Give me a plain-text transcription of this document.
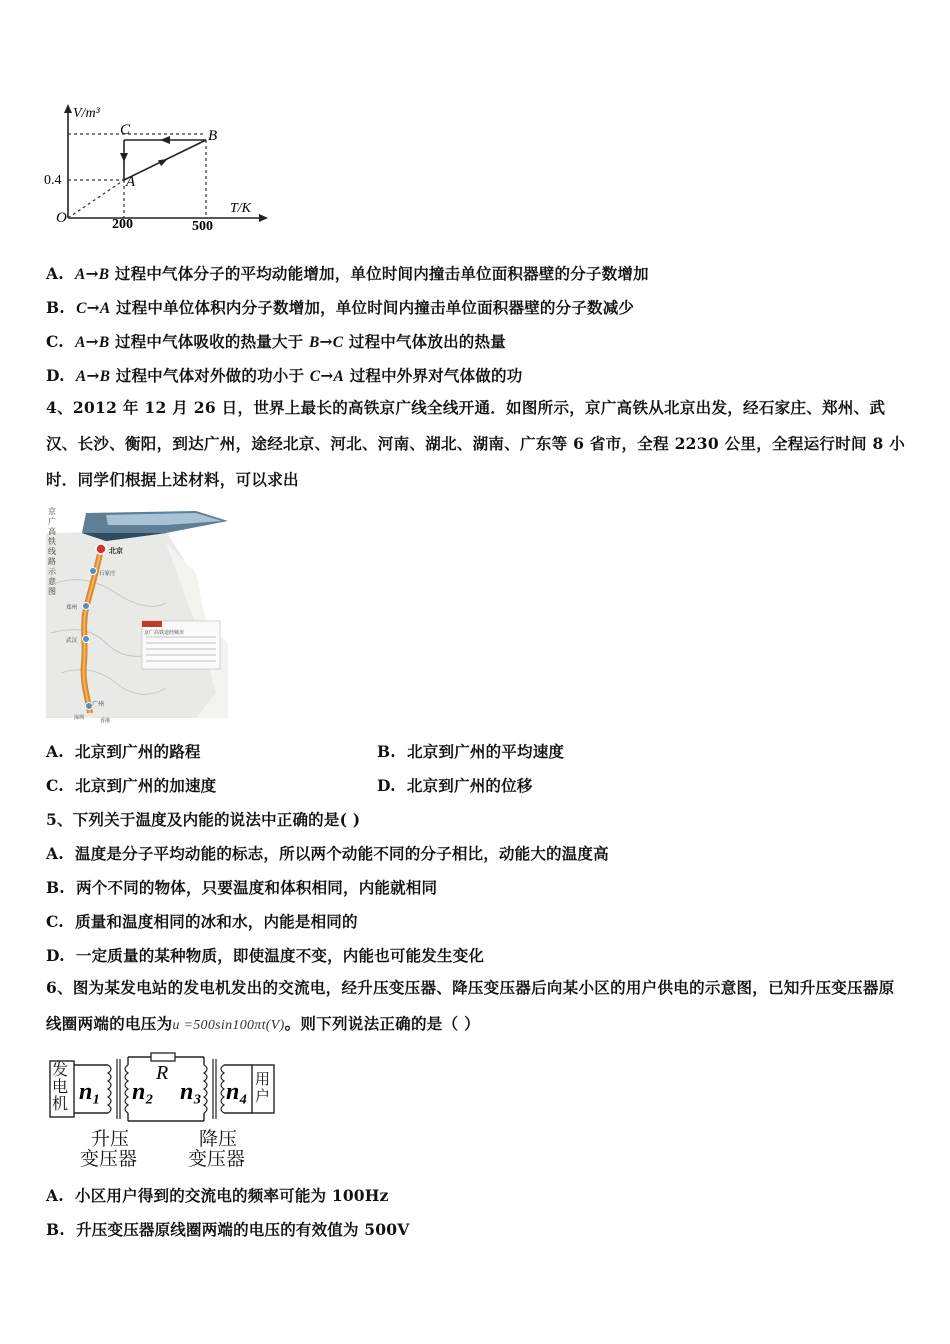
V/m³
T/K
O
0.4
200	500
C	B
A
A. A→B 过程中气体分子的平均动能增加，单位时间内撞击单位面积器壁的分子数增加
B. C→A 过程中单位体积内分子数增加，单位时间内撞击单位面积器壁的分子数减少
C. A→B 过程中气体吸收的热量大于 B→C 过程中气体放出的热量
D. A→B 过程中气体对外做的功小于 C→A 过程中外界对气体做的功
4、2012 年 12 月 26 日，世界上最长的高铁京广线全线开通．如图所示，京广高铁从北京出发，经石家庄、郑州、武汉、长沙、衡阳，到达广州，途经北京、河北、河南、湖北、湖南、广东等 6 省市，全程 2230 公里，全程运行时间 8 小时．同学们根据上述材料，可以求出
京广高铁途经城市
北京
石家庄
郑州
武汉
广州
深圳
香港
京广高铁线路示意图
A. 北京到广州的路程	B. 北京到广州的平均速度
C. 北京到广州的加速度	D. 北京到广州的位移
5、下列关于温度及内能的说法中正确的是( )
A. 温度是分子平均动能的标志，所以两个动能不同的分子相比，动能大的温度高
B. 两个不同的物体，只要温度和体积相同，内能就相同
C. 质量和温度相同的冰和水，内能是相同的
D. 一定质量的某种物质，即使温度不变，内能也可能发生变化
6、图为某发电站的发电机发出的交流电，经升压变压器、降压变压器后向某小区的用户供电的示意图，已知升压变压器原线圈两端的电压为u =500sin100πt(V)。则下列说法正确的是（ ）
n₁ n₂ n₃ n₄
R
发电机
用户
升压
变压器
降压
变压器
A. 小区用户得到的交流电的频率可能为 100Hz
B. 升压变压器原线圈两端的电压的有效值为 500V
